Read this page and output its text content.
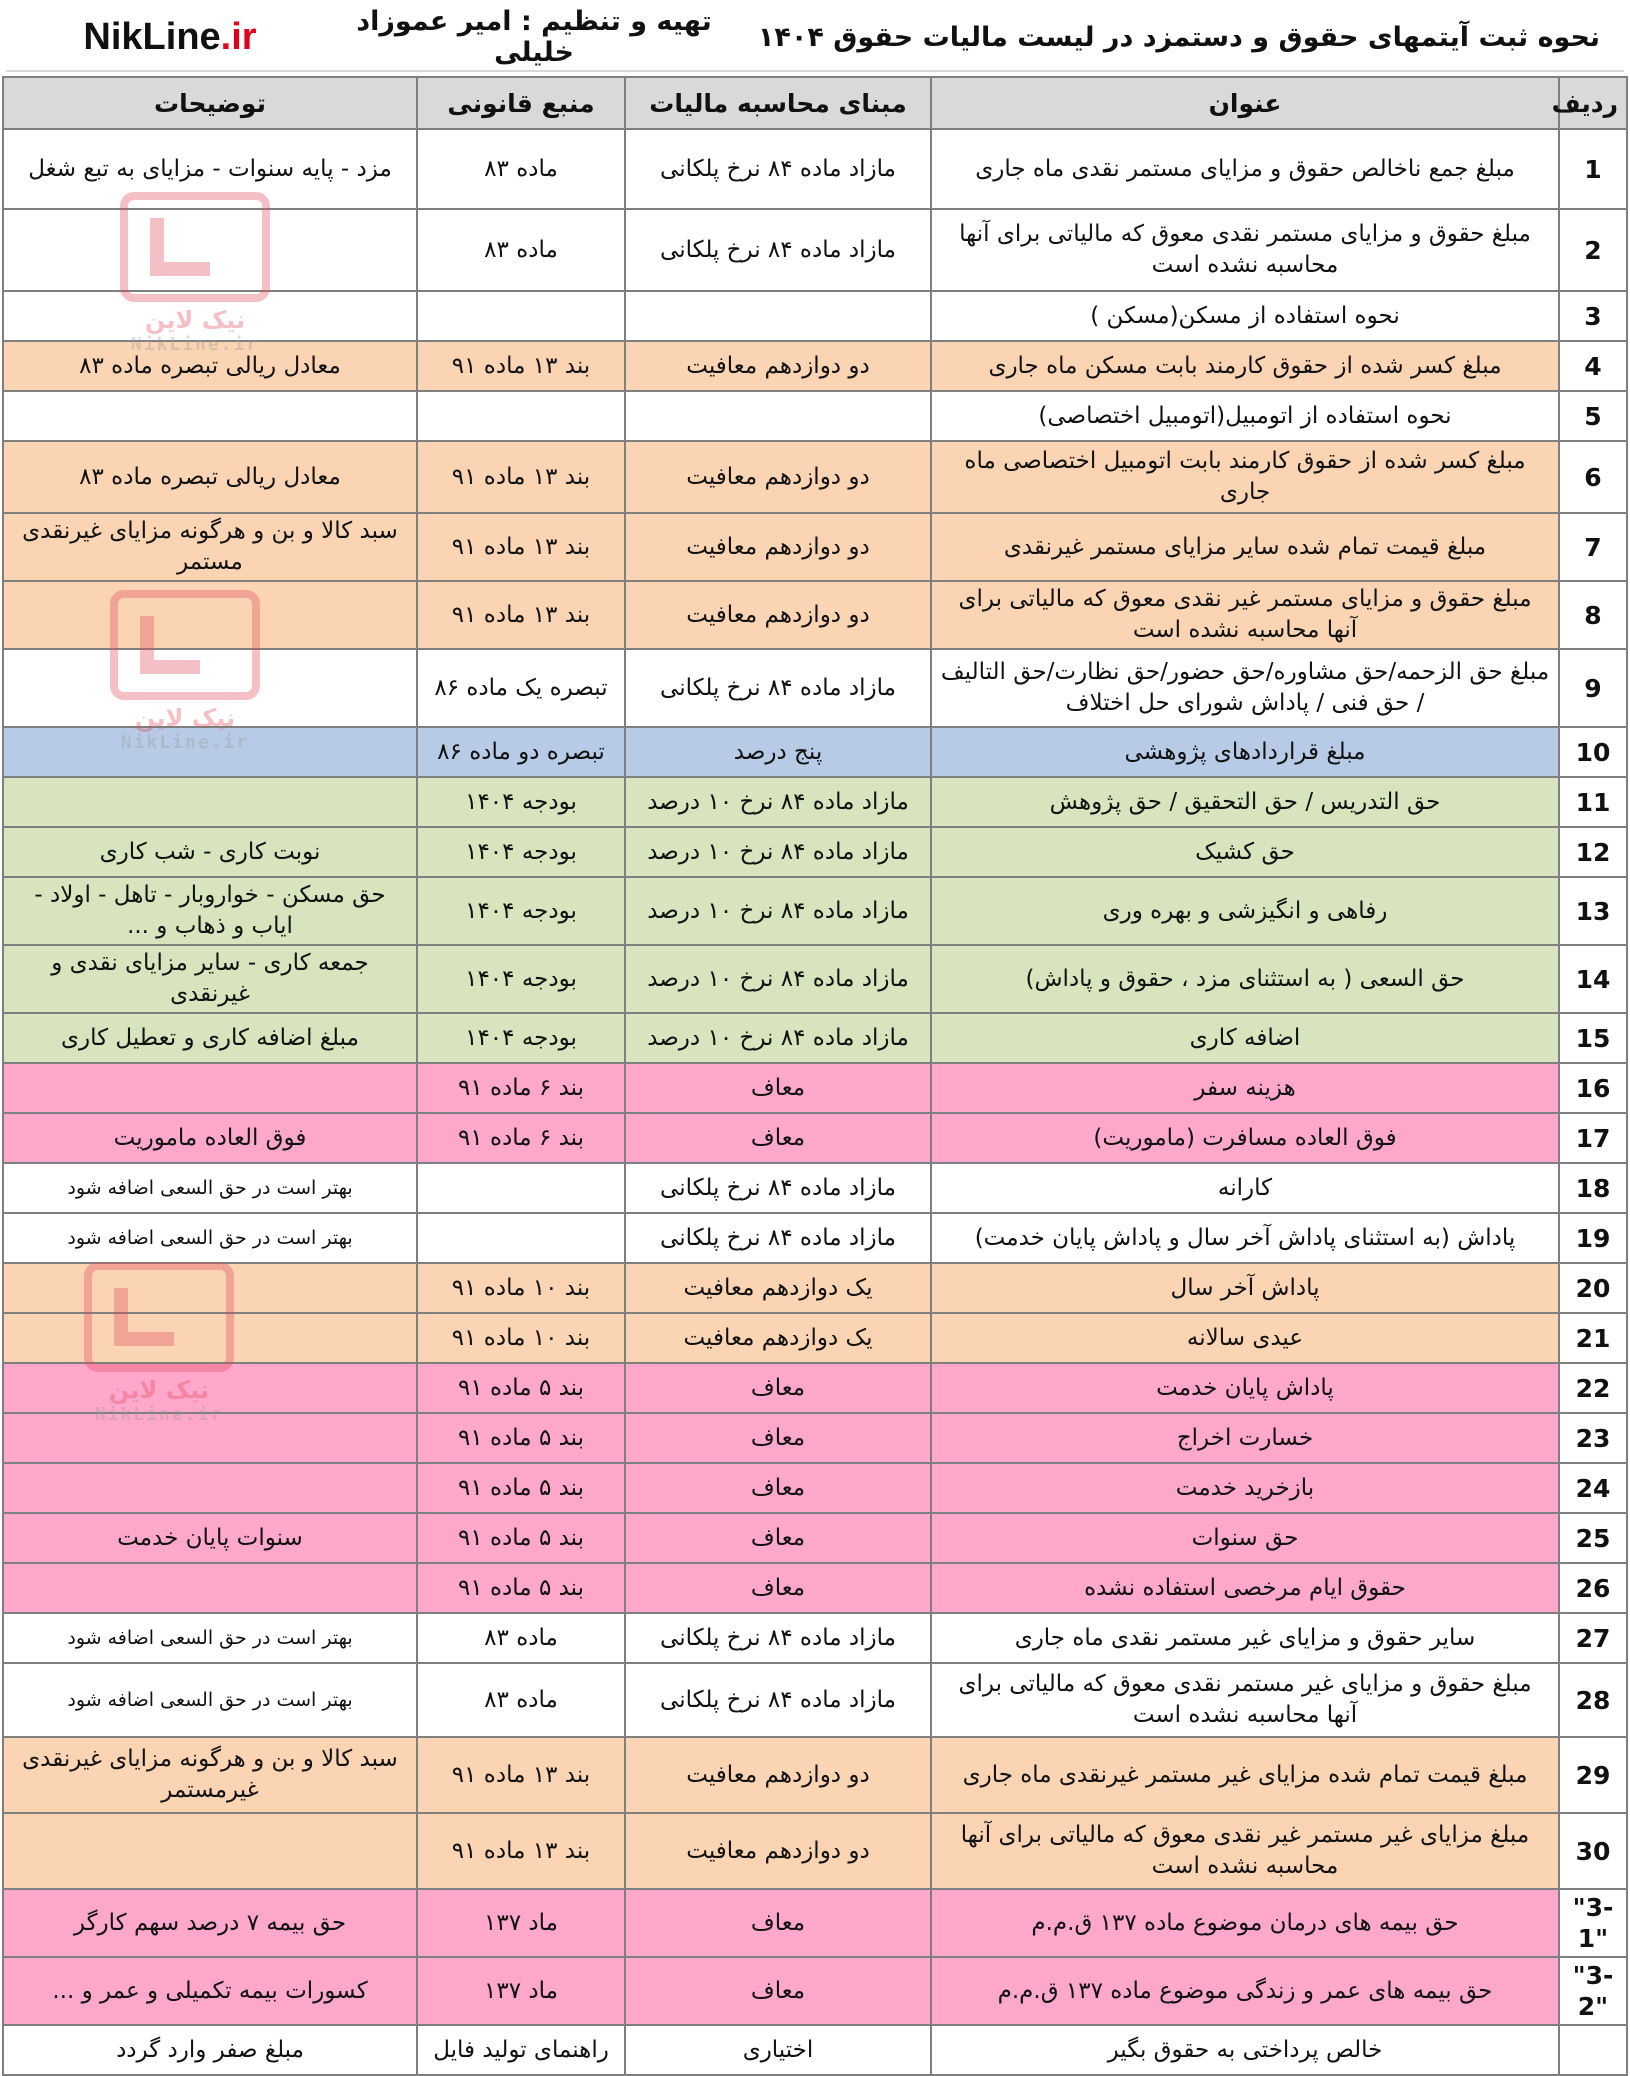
نحوه ثبت آیتمهای حقوق و دستمزد در لیست مالیات حقوق ۱۴۰۴
تهیه و تنظیم : امیر عموزاد خلیلی
NikLine.ir
ردیف	عنوان	مبنای محاسبه مالیات	منبع قانونی	توضیحات
1	مبلغ جمع ناخالص حقوق و مزایای مستمر نقدی ماه جاری	مازاد ماده ۸۴ نرخ پلکانی	ماده ۸۳	مزد - پایه سنوات - مزایای به تبع شغل
2	مبلغ حقوق و مزایای مستمر نقدی معوق که مالیاتی برای آنها محاسبه نشده است	مازاد ماده ۸۴ نرخ پلکانی	ماده ۸۳	
3	نحوه استفاده از مسکن(مسکن )			
4	مبلغ کسر شده از حقوق کارمند بابت مسکن ماه جاری	دو دوازدهم معافیت	بند ۱۳ ماده ۹۱	معادل ریالی تبصره ماده ۸۳
5	نحوه استفاده از اتومبیل(اتومبیل اختصاصی)			
6	مبلغ کسر شده از حقوق کارمند بابت اتومبیل اختصاصی ماه جاری	دو دوازدهم معافیت	بند ۱۳ ماده ۹۱	معادل ریالی تبصره ماده ۸۳
7	مبلغ قیمت تمام شده سایر مزایای مستمر غیرنقدی	دو دوازدهم معافیت	بند ۱۳ ماده ۹۱	سبد کالا و بن و هرگونه مزایای غیرنقدی مستمر
8	مبلغ حقوق و مزایای مستمر غیر نقدی معوق که مالیاتی برای آنها محاسبه نشده است	دو دوازدهم معافیت	بند ۱۳ ماده ۹۱	
9	مبلغ حق الزحمه/حق مشاوره/حق حضور/حق نظارت/حق التالیف / حق فنی / پاداش شورای حل اختلاف	مازاد ماده ۸۴ نرخ پلکانی	تبصره یک ماده ۸۶	
10	مبلغ قراردادهای پژوهشی	پنج درصد	تبصره دو ماده ۸۶	
11	حق التدریس / حق التحقیق / حق پژوهش	مازاد ماده ۸۴ نرخ ۱۰ درصد	بودجه ۱۴۰۴	
12	حق کشیک	مازاد ماده ۸۴ نرخ ۱۰ درصد	بودجه ۱۴۰۴	نوبت کاری - شب کاری
13	رفاهی و انگیزشی و بهره وری	مازاد ماده ۸۴ نرخ ۱۰ درصد	بودجه ۱۴۰۴	حق مسکن - خواروبار - تاهل - اولاد - ایاب و ذهاب و ...
14	حق السعی ( به استثنای مزد ، حقوق و پاداش)	مازاد ماده ۸۴ نرخ ۱۰ درصد	بودجه ۱۴۰۴	جمعه کاری - سایر مزایای نقدی و غیرنقدی
15	اضافه کاری	مازاد ماده ۸۴ نرخ ۱۰ درصد	بودجه ۱۴۰۴	مبلغ اضافه کاری و تعطیل کاری
16	هزینه سفر	معاف	بند ۶ ماده ۹۱	
17	فوق العاده مسافرت (ماموریت)	معاف	بند ۶ ماده ۹۱	فوق العاده ماموریت
18	کارانه	مازاد ماده ۸۴ نرخ پلکانی		بهتر است در حق السعی اضافه شود
19	پاداش (به استثنای پاداش آخر سال و پاداش پایان خدمت)	مازاد ماده ۸۴ نرخ پلکانی		بهتر است در حق السعی اضافه شود
20	پاداش آخر سال	یک دوازدهم معافیت	بند ۱۰ ماده ۹۱	
21	عیدی سالانه	یک دوازدهم معافیت	بند ۱۰ ماده ۹۱	
22	پاداش پایان خدمت	معاف	بند ۵ ماده ۹۱	
23	خسارت اخراج	معاف	بند ۵ ماده ۹۱	
24	بازخرید خدمت	معاف	بند ۵ ماده ۹۱	
25	حق سنوات	معاف	بند ۵ ماده ۹۱	سنوات پایان خدمت
26	حقوق ایام مرخصی استفاده نشده	معاف	بند ۵ ماده ۹۱	
27	سایر حقوق و مزایای غیر مستمر نقدی ماه جاری	مازاد ماده ۸۴ نرخ پلکانی	ماده ۸۳	بهتر است در حق السعی اضافه شود
28	مبلغ حقوق و مزایای غیر مستمر نقدی معوق که مالیاتی برای آنها محاسبه نشده است	مازاد ماده ۸۴ نرخ پلکانی	ماده ۸۳	بهتر است در حق السعی اضافه شود
29	مبلغ قیمت تمام شده مزایای غیر مستمر غیرنقدی ماه جاری	دو دوازدهم معافیت	بند ۱۳ ماده ۹۱	سبد کالا و بن و هرگونه مزایای غیرنقدی غیرمستمر
30	مبلغ مزایای غیر مستمر غیر نقدی معوق که مالیاتی برای آنها محاسبه نشده است	دو دوازدهم معافیت	بند ۱۳ ماده ۹۱	
"3-1"	حق بیمه های درمان موضوع ماده ۱۳۷ ق.م.م	معاف	ماد ۱۳۷	حق بیمه ۷ درصد سهم کارگر
"3-2"	حق بیمه های عمر و زندگی موضوع ماده ۱۳۷ ق.م.م	معاف	ماد ۱۳۷	کسورات بیمه تکمیلی و عمر و ...
	خالص پرداختی به حقوق بگیر	اختیاری	راهنمای تولید فایل	مبلغ صفر وارد گردد
نیک لاین
NikLine.ir
نیک لاین
NikLine.ir
نیک لاین
NikLine.ir
